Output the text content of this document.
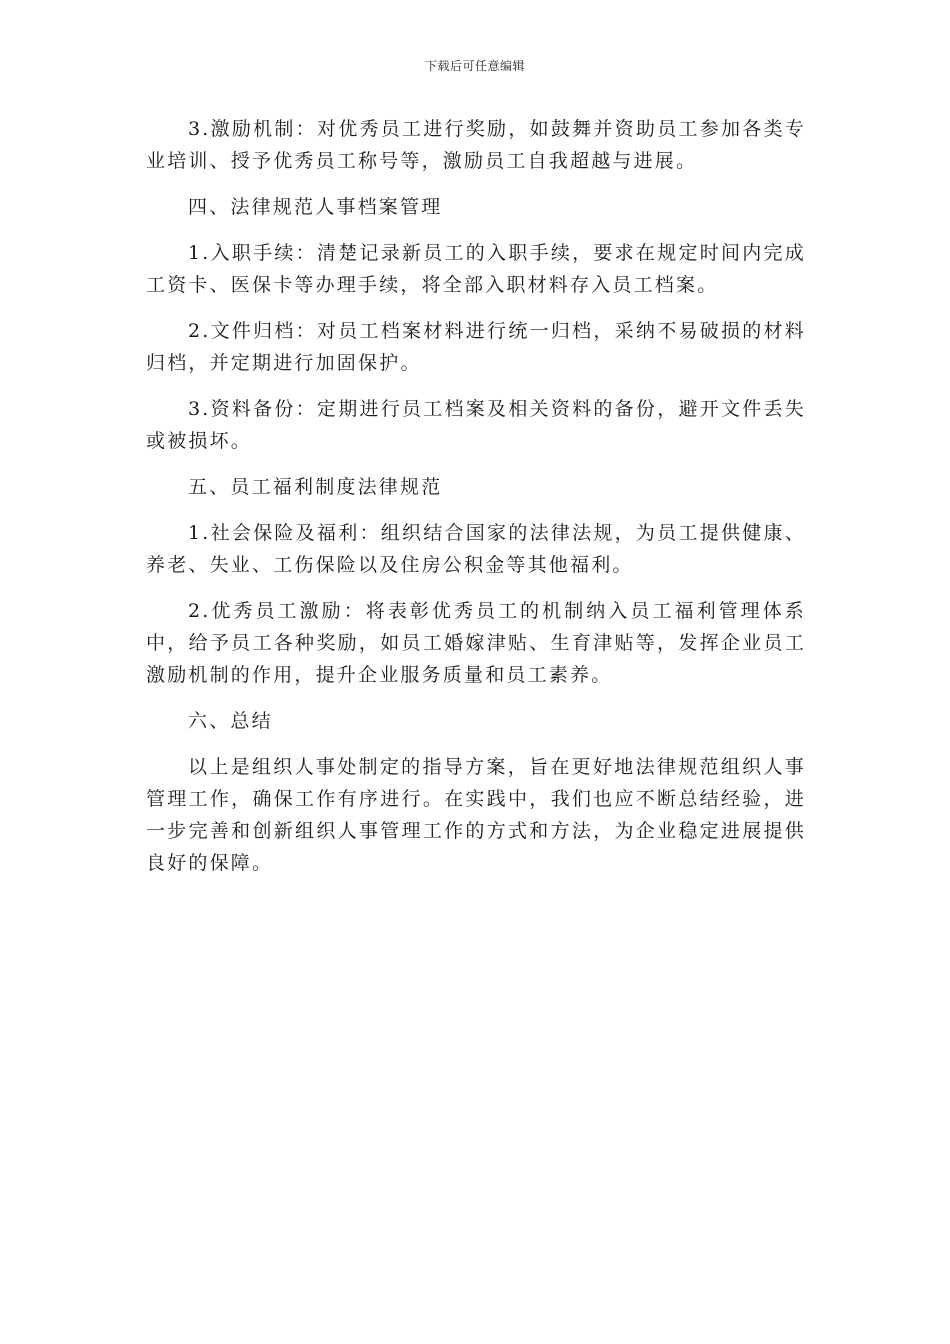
下载后可任意编辑

3.激励机制：对优秀员工进行奖励，如鼓舞并资助员工参加各类专业培训、授予优秀员工称号等，激励员工自我超越与进展。

四、法律规范人事档案管理

1.入职手续：清楚记录新员工的入职手续，要求在规定时间内完成工资卡、医保卡等办理手续，将全部入职材料存入员工档案。

2.文件归档：对员工档案材料进行统一归档，采纳不易破损的材料归档，并定期进行加固保护。

3.资料备份：定期进行员工档案及相关资料的备份，避开文件丢失或被损坏。

五、员工福利制度法律规范

1.社会保险及福利：组织结合国家的法律法规，为员工提供健康、养老、失业、工伤保险以及住房公积金等其他福利。

2.优秀员工激励：将表彰优秀员工的机制纳入员工福利管理体系中，给予员工各种奖励，如员工婚嫁津贴、生育津贴等，发挥企业员工激励机制的作用，提升企业服务质量和员工素养。

六、总结

以上是组织人事处制定的指导方案，旨在更好地法律规范组织人事管理工作，确保工作有序进行。在实践中，我们也应不断总结经验，进一步完善和创新组织人事管理工作的方式和方法，为企业稳定进展提供良好的保障。
